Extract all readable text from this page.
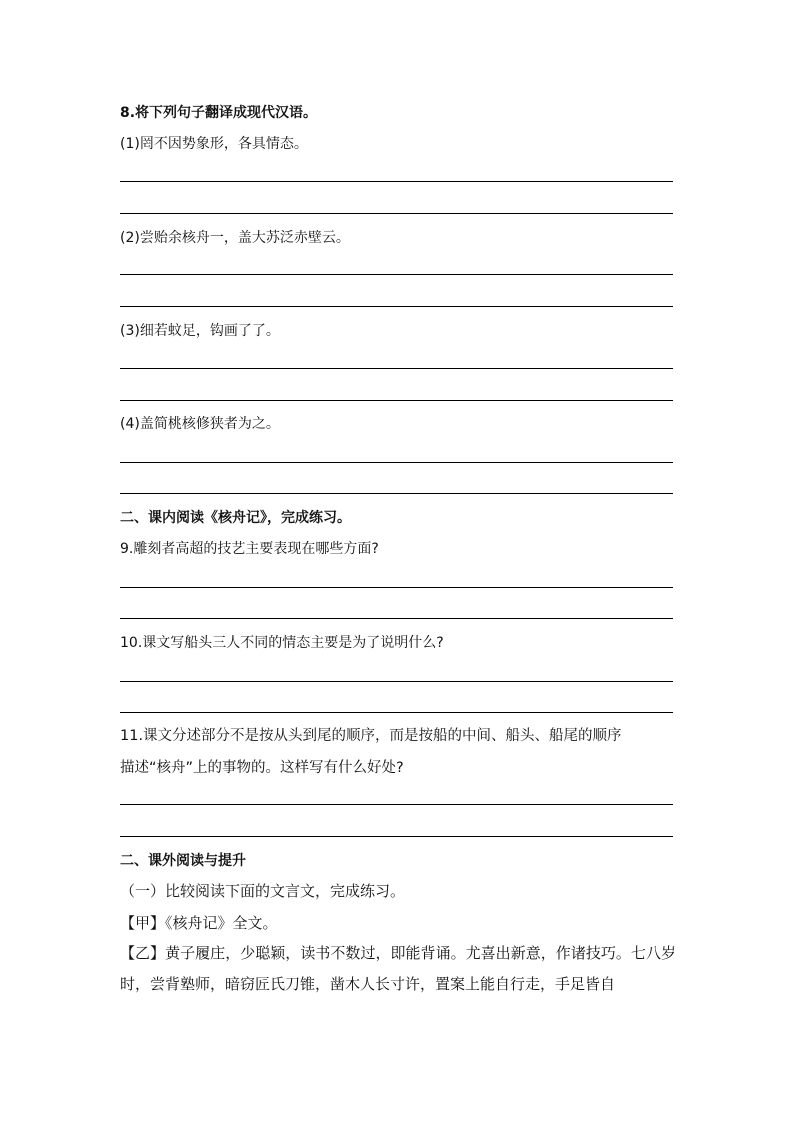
8.将下列句子翻译成现代汉语。
(1)罔不因势象形，各具情态。
(2)尝贻余核舟一，盖大苏泛赤壁云。
(3)细若蚊足，钩画了了。
(4)盖简桃核修狭者为之。
二、课内阅读《核舟记》，完成练习。
9.雕刻者高超的技艺主要表现在哪些方面?
10.课文写船头三人不同的情态主要是为了说明什么?
11.课文分述部分不是按从头到尾的顺序，而是按船的中间、船头、船尾的顺序
描述“核舟”上的事物的。这样写有什么好处?
二、课外阅读与提升
（一）比较阅读下面的文言文，完成练习。
【甲】《核舟记》全文。
【乙】黄子履庄，少聪颖，读书不数过，即能背诵。尤喜出新意，作诸技巧。七八岁时，尝背塾师，暗窃匠氏刀锥，凿木人长寸许，置案上能自行走，手足皆自
